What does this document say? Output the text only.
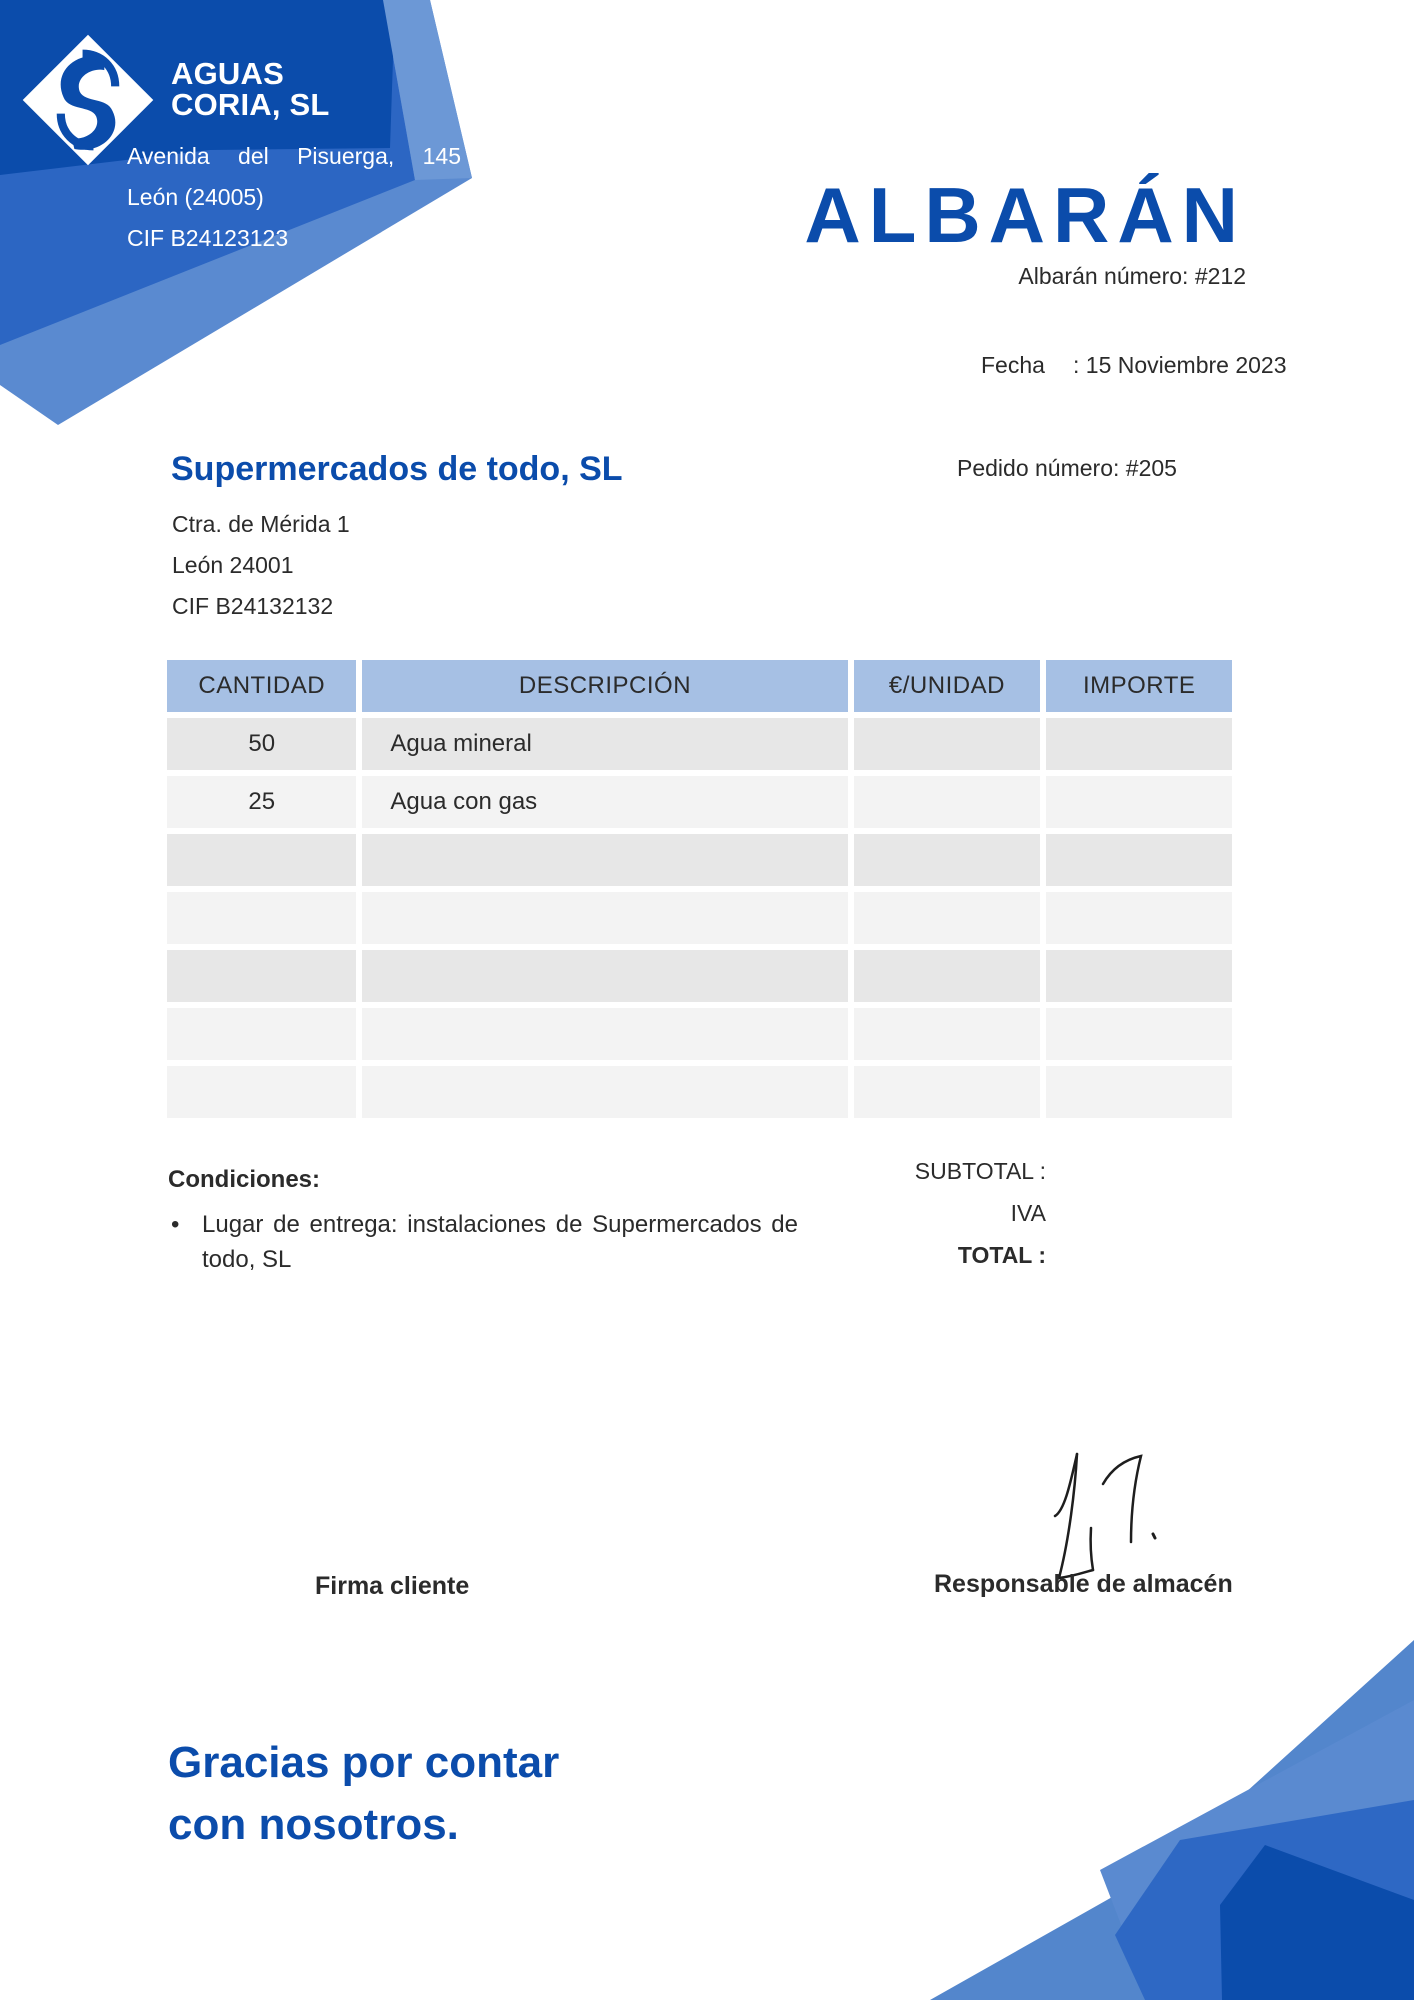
AGUAS
CORIA, SL
Avenida del Pisuerga, 145
León (24005)
CIF B24123123	ALBARÁN
Albarán número: #212
Fecha : 15 Noviembre 2023
Pedido número: #205
Supermercados de todo, SL
Ctra. de Mérida 1
León 24001
CIF B24132132
CANTIDAD	DESCRIPCIÓN	€/UNIDAD	IMPORTE
50	Agua mineral		
25	Agua con gas		

Condiciones:
• Lugar de entrega: instalaciones de Supermercados de todo, SL
SUBTOTAL :
IVA
TOTAL :
Firma cliente	Responsable de almacén
Gracias por contar
con nosotros.
